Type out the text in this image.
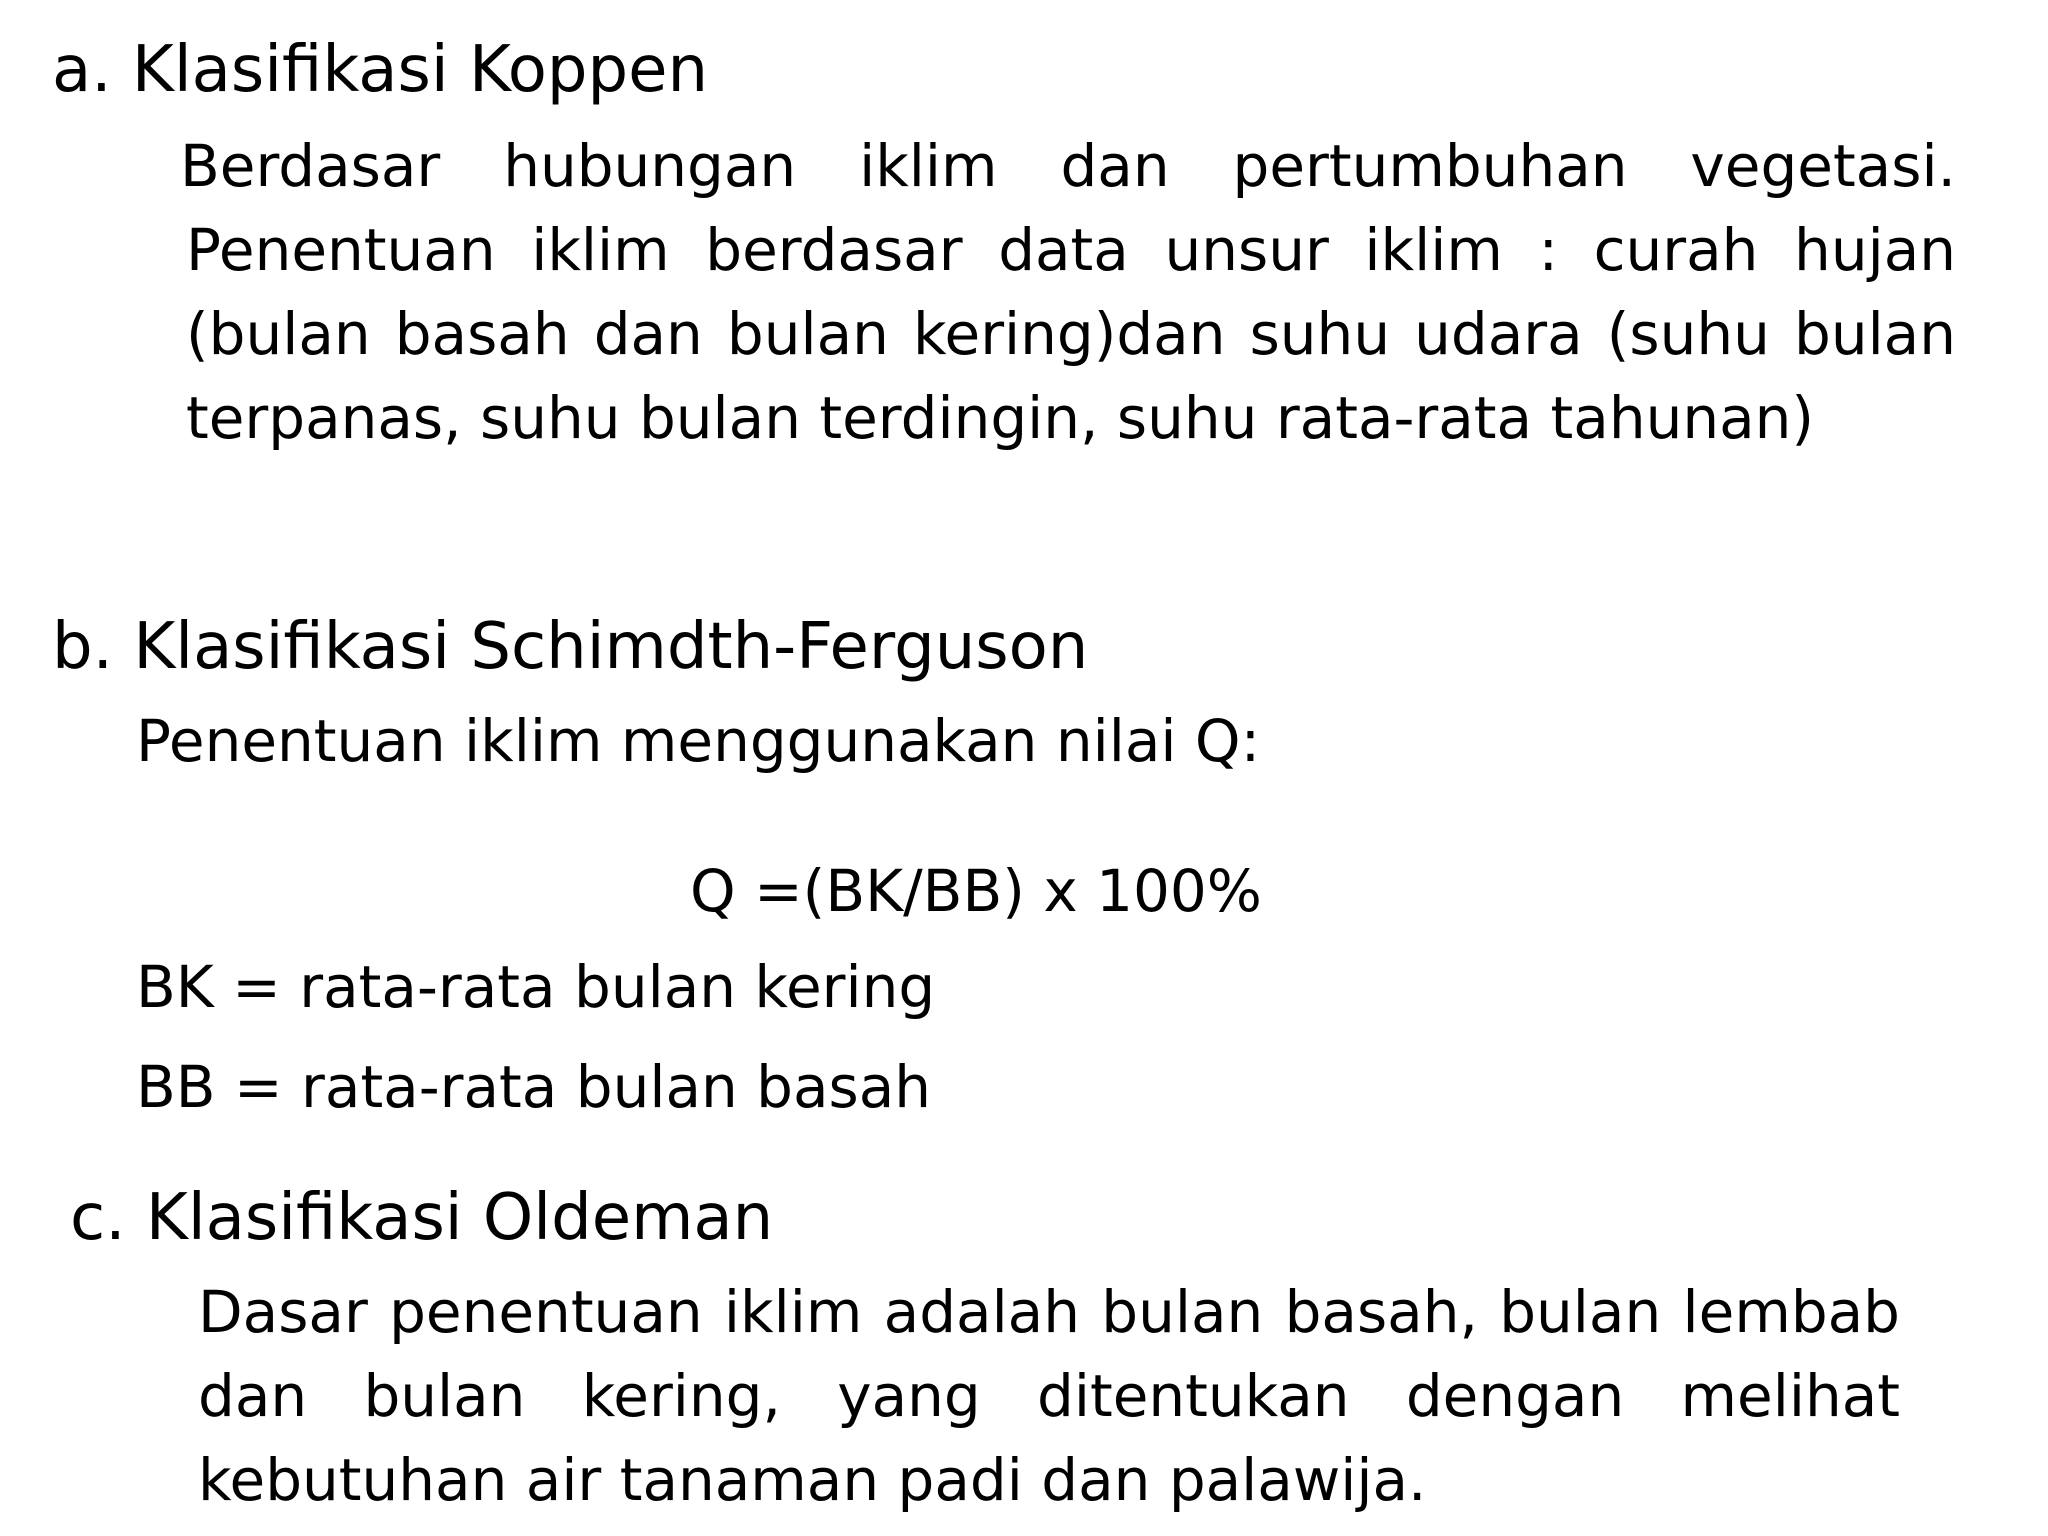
a. Klasifikasi Koppen
Berdasar hubungan iklim dan pertumbuhan vegetasi. Penentuan iklim berdasar data unsur iklim : curah hujan (bulan basah dan bulan kering)dan suhu udara (suhu bulan terpanas, suhu bulan terdingin, suhu rata-rata tahunan)
b. Klasifikasi Schimdth-Ferguson
Penentuan iklim menggunakan nilai Q:
Q =(BK/BB) x 100%
BK = rata-rata bulan kering
BB = rata-rata bulan basah
c. Klasifikasi Oldeman
Dasar penentuan iklim adalah bulan basah, bulan lembab dan bulan kering, yang ditentukan dengan melihat kebutuhan air tanaman padi dan palawija.
